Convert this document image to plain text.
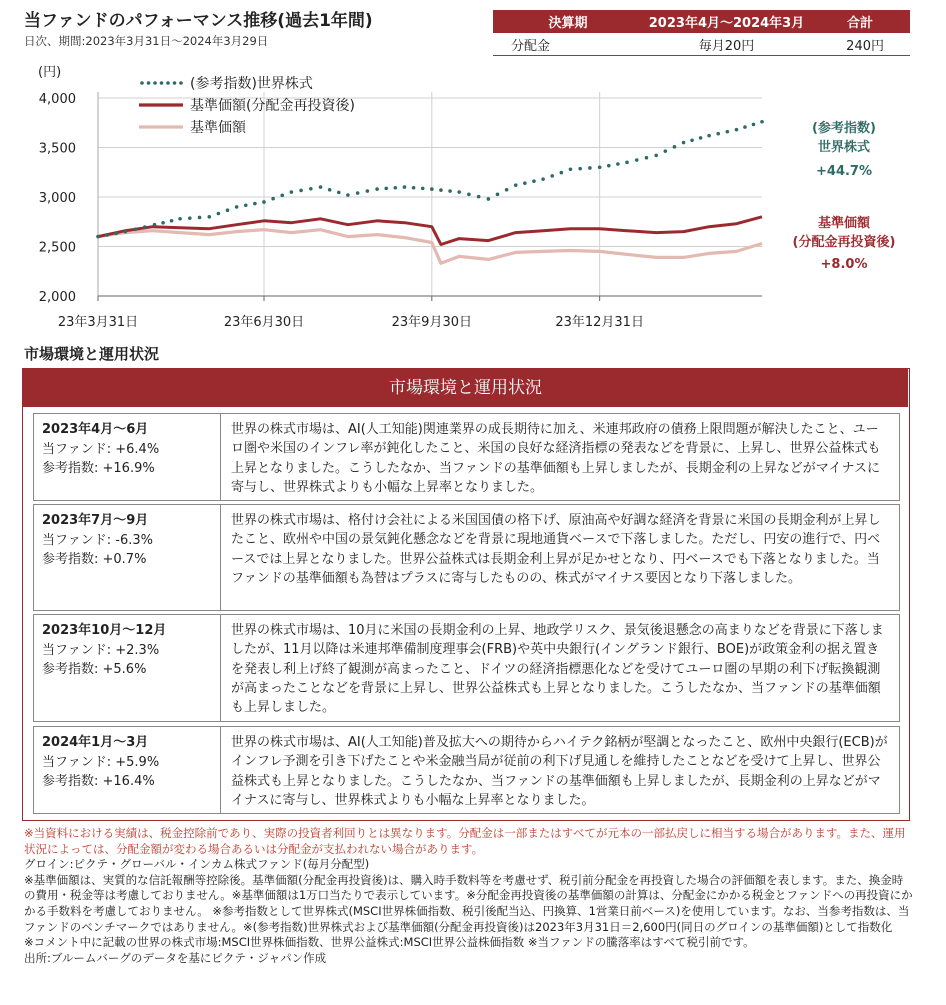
当ファンドのパフォーマンス推移(過去1年間)
日次、期間:2023年3月31日～2024年3月29日
決算期	2023年4月～2024年3月	合計
分配金	毎月20円	240円
2,000
2,500
3,000
3,500
4,000
(円)
23年3月31日	23年6月30日	23年9月30日	23年12月31日
(参考指数)世界株式
基準価額(分配金再投資後)
基準価額	(参考指数)
世界株式
+44.7%
基準価額
(分配金再投資後)
+8.0%
市場環境と運用状況
市場環境と運用状況
2023年4月～6月
当ファンド: +6.4%
参考指数: +16.9%
世界の株式市場は、AI(人工知能)関連業界の成長期待に加え、米連邦政府の債務上限問題が解決したこと、ユーロ圏や米国のインフレ率が鈍化したこと、米国の良好な経済指標の発表などを背景に、上昇し、世界公益株式も上昇となりました。こうしたなか、当ファンドの基準価額も上昇しましたが、長期金利の上昇などがマイナスに寄与し、世界株式よりも小幅な上昇率となりました。
2023年7月～9月
当ファンド: -6.3%
参考指数: +0.7%
世界の株式市場は、格付け会社による米国国債の格下げ、原油高や好調な経済を背景に米国の長期金利が上昇したこと、欧州や中国の景気鈍化懸念などを背景に現地通貨ベースで下落しました。ただし、円安の進行で、円ベースでは上昇となりました。世界公益株式は長期金利上昇が足かせとなり、円ベースでも下落となりました。当ファンドの基準価額も為替はプラスに寄与したものの、株式がマイナス要因となり下落しました。
2023年10月～12月
当ファンド: +2.3%
参考指数: +5.6%
世界の株式市場は、10月に米国の長期金利の上昇、地政学リスク、景気後退懸念の高まりなどを背景に下落しましたが、11月以降は米連邦準備制度理事会(FRB)や英中央銀行(イングランド銀行、BOE)が政策金利の据え置きを発表し利上げ終了観測が高まったこと、ドイツの経済指標悪化などを受けてユーロ圏の早期の利下げ転換観測が高まったことなどを背景に上昇し、世界公益株式も上昇となりました。こうしたなか、当ファンドの基準価額も上昇しました。
2024年1月～3月
当ファンド: +5.9%
参考指数: +16.4%
世界の株式市場は、AI(人工知能)普及拡大への期待からハイテク銘柄が堅調となったこと、欧州中央銀行(ECB)がインフレ予測を引き下げたことや米金融当局が従前の利下げ見通しを維持したことなどを受けて上昇し、世界公益株式も上昇となりました。こうしたなか、当ファンドの基準価額も上昇しましたが、長期金利の上昇などがマイナスに寄与し、世界株式よりも小幅な上昇率となりました。

※当資料における実績は、税金控除前であり、実際の投資者利回りとは異なります。分配金は一部またはすべてが元本の一部払戻しに相当する場合があります。また、運用状況によっては、分配金額が変わる場合あるいは分配金が支払われない場合があります。

グロイン:ピクテ・グローバル・インカム株式ファンド(毎月分配型)

※基準価額は、実質的な信託報酬等控除後。基準価額(分配金再投資後)は、購入時手数料等を考慮せず、税引前分配金を再投資した場合の評価額を表します。また、換金時の費用・税金等は考慮しておりません。※基準価額は1万口当たりで表示しています。※分配金再投資後の基準価額の計算は、分配金にかかる税金とファンドへの再投資にかかる手数料を考慮しておりません。 ※参考指数として世界株式(MSCI世界株価指数、税引後配当込、円換算、1営業日前ベース)を使用しています。なお、当参考指数は、当ファンドのベンチマークではありません。※(参考指数)世界株式および基準価額(分配金再投資後)は2023年3月31日＝2,600円(同日のグロインの基準価額)として指数化

※コメント中に記載の世界の株式市場:MSCI世界株価指数、世界公益株式:MSCI世界公益株価指数 ※当ファンドの騰落率はすべて税引前です。

出所:ブルームバーグのデータを基にピクテ・ジャパン作成
